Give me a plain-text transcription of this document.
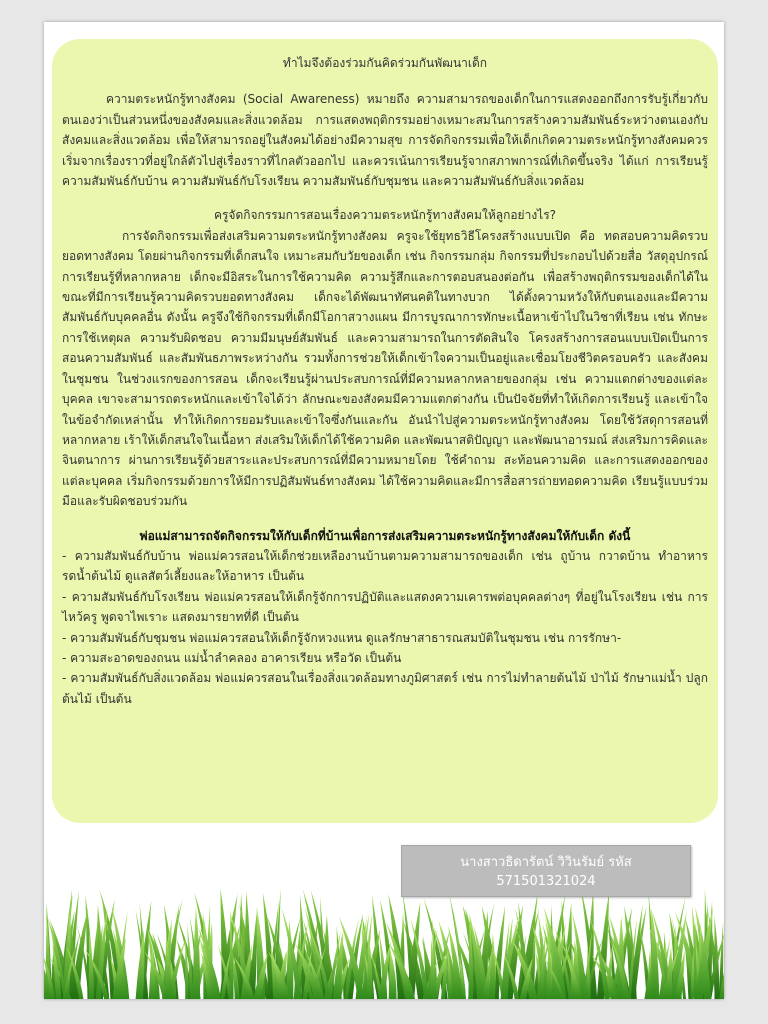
ทำไมจึงต้องร่วมกันคิดร่วมกันพัฒนาเด็ก

ความตระหนักรู้ทางสังคม (Social Awareness) หมายถึง ความสามารถของเด็กในการแสดงออกถึงการรับรู้เกี่ยวกับตนเองว่าเป็นส่วนหนึ่งของสังคมและสิ่งแวดล้อม การแสดงพฤติกรรมอย่างเหมาะสมในการสร้างความสัมพันธ์ระหว่างตนเองกับสังคมและสิ่งแวดล้อม เพื่อให้สามารถอยู่ในสังคมได้อย่างมีความสุข การจัดกิจกรรมเพื่อให้เด็กเกิดความตระหนักรู้ทางสังคมควรเริ่มจากเรื่องราวที่อยู่ใกล้ตัวไปสู่เรื่องราวที่ไกลตัวออกไป และควรเน้นการเรียนรู้จากสภาพการณ์ที่เกิดขึ้นจริง ได้แก่ การเรียนรู้ความสัมพันธ์กับบ้าน ความสัมพันธ์กับโรงเรียน ความสัมพันธ์กับชุมชน และความสัมพันธ์กับสิ่งแวดล้อม

ครูจัดกิจกรรมการสอนเรื่องความตระหนักรู้ทางสังคมให้ลูกอย่างไร?

การจัดกิจกรรมเพื่อส่งเสริมความตระหนักรู้ทางสังคม ครูจะใช้ยุทธวิธีโครงสร้างแบบเปิด คือ ทดสอบความคิดรวบยอดทางสังคม โดยผ่านกิจกรรมที่เด็กสนใจ เหมาะสมกับวัยของเด็ก เช่น กิจกรรมกลุ่ม กิจกรรมที่ประกอบไปด้วยสื่อ วัสดุอุปกรณ์การเรียนรู้ที่หลากหลาย เด็กจะมีอิสระในการใช้ความคิด ความรู้สึกและการตอบสนองต่อกัน เพื่อสร้างพฤติกรรมของเด็กได้ในขณะที่มีการเรียนรู้ความคิดรวบยอดทางสังคม เด็กจะได้พัฒนาทัศนคติในทางบวก ได้ตั้งความหวังให้กับตนเองและมีความสัมพันธ์กับบุคคลอื่น ดังนั้น ครูจึงใช้กิจกรรมที่เด็กมีโอกาสวางแผน มีการบูรณาการทักษะเนื้อหาเข้าไปในวิชาที่เรียน เช่น ทักษะการใช้เหตุผล ความรับผิดชอบ ความมีมนุษย์สัมพันธ์ และความสามารถในการตัดสินใจ โครงสร้างการสอนแบบเปิดเป็นการสอนความสัมพันธ์ และสัมพันธภาพระหว่างกัน รวมทั้งการช่วยให้เด็กเข้าใจความเป็นอยู่และเชื่อมโยงชีวิตครอบครัว และสังคมในชุมชน ในช่วงแรกของการสอน เด็กจะเรียนรู้ผ่านประสบการณ์ที่มีความหลากหลายของกลุ่ม เช่น ความแตกต่างของแต่ละบุคคล เขาจะสามารถตระหนักและเข้าใจได้ว่า ลักษณะของสังคมมีความแตกต่างกัน เป็นปัจจัยที่ทำให้เกิดการเรียนรู้ และเข้าใจในข้อจำกัดเหล่านั้น ทำให้เกิดการยอมรับและเข้าใจซึ่งกันและกัน อันนำไปสู่ความตระหนักรู้ทางสังคม โดยใช้วัสดุการสอนที่หลากหลาย เร้าให้เด็กสนใจในเนื้อหา ส่งเสริมให้เด็กได้ใช้ความคิด และพัฒนาสติปัญญา และพัฒนาอารมณ์ ส่งเสริมการคิดและจินตนาการ ผ่านการเรียนรู้ด้วยสาระและประสบการณ์ที่มีความหมายโดย ใช้คำถาม สะท้อนความคิด และการแสดงออกของแต่ละบุคคล เริ่มกิจกรรมด้วยการให้มีการปฏิสัมพันธ์ทางสังคม ได้ใช้ความคิดและมีการสื่อสารถ่ายทอดความคิด เรียนรู้แบบร่วมมือและรับผิดชอบร่วมกัน

พ่อแม่สามารถจัดกิจกรรมให้กับเด็กที่บ้านเพื่อการส่งเสริมความตระหนักรู้ทางสังคมให้กับเด็ก ดังนี้

- ความสัมพันธ์กับบ้าน พ่อแม่ควรสอนให้เด็กช่วยเหลืองานบ้านตามความสามารถของเด็ก เช่น ถูบ้าน กวาดบ้าน ทำอาหาร รดน้ำต้นไม้ ดูแลสัตว์เลี้ยงและให้อาหาร เป็นต้น

- ความสัมพันธ์กับโรงเรียน พ่อแม่ควรสอนให้เด็กรู้จักการปฏิบัติและแสดงความเคารพต่อบุคคลต่างๆ ที่อยู่ในโรงเรียน เช่น การไหว้ครู พูดจาไพเราะ แสดงมารยาทที่ดี เป็นต้น

- ความสัมพันธ์กับชุมชน พ่อแม่ควรสอนให้เด็กรู้จักหวงแหน ดูแลรักษาสาธารณสมบัติในชุมชน เช่น การรักษา-

- ความสะอาดของถนน แม่น้ำลำคลอง อาคารเรียน หรือวัด เป็นต้น

- ความสัมพันธ์กับสิ่งแวดล้อม พ่อแม่ควรสอนในเรื่องสิ่งแวดล้อมทางภูมิศาสตร์ เช่น การไม่ทำลายต้นไม้ ป่าไม้ รักษาแม่น้ำ ปลูกต้นไม้ เป็นต้น

นางสาวธิดารัตน์ วิวินรัมย์ รหัส
571501321024
